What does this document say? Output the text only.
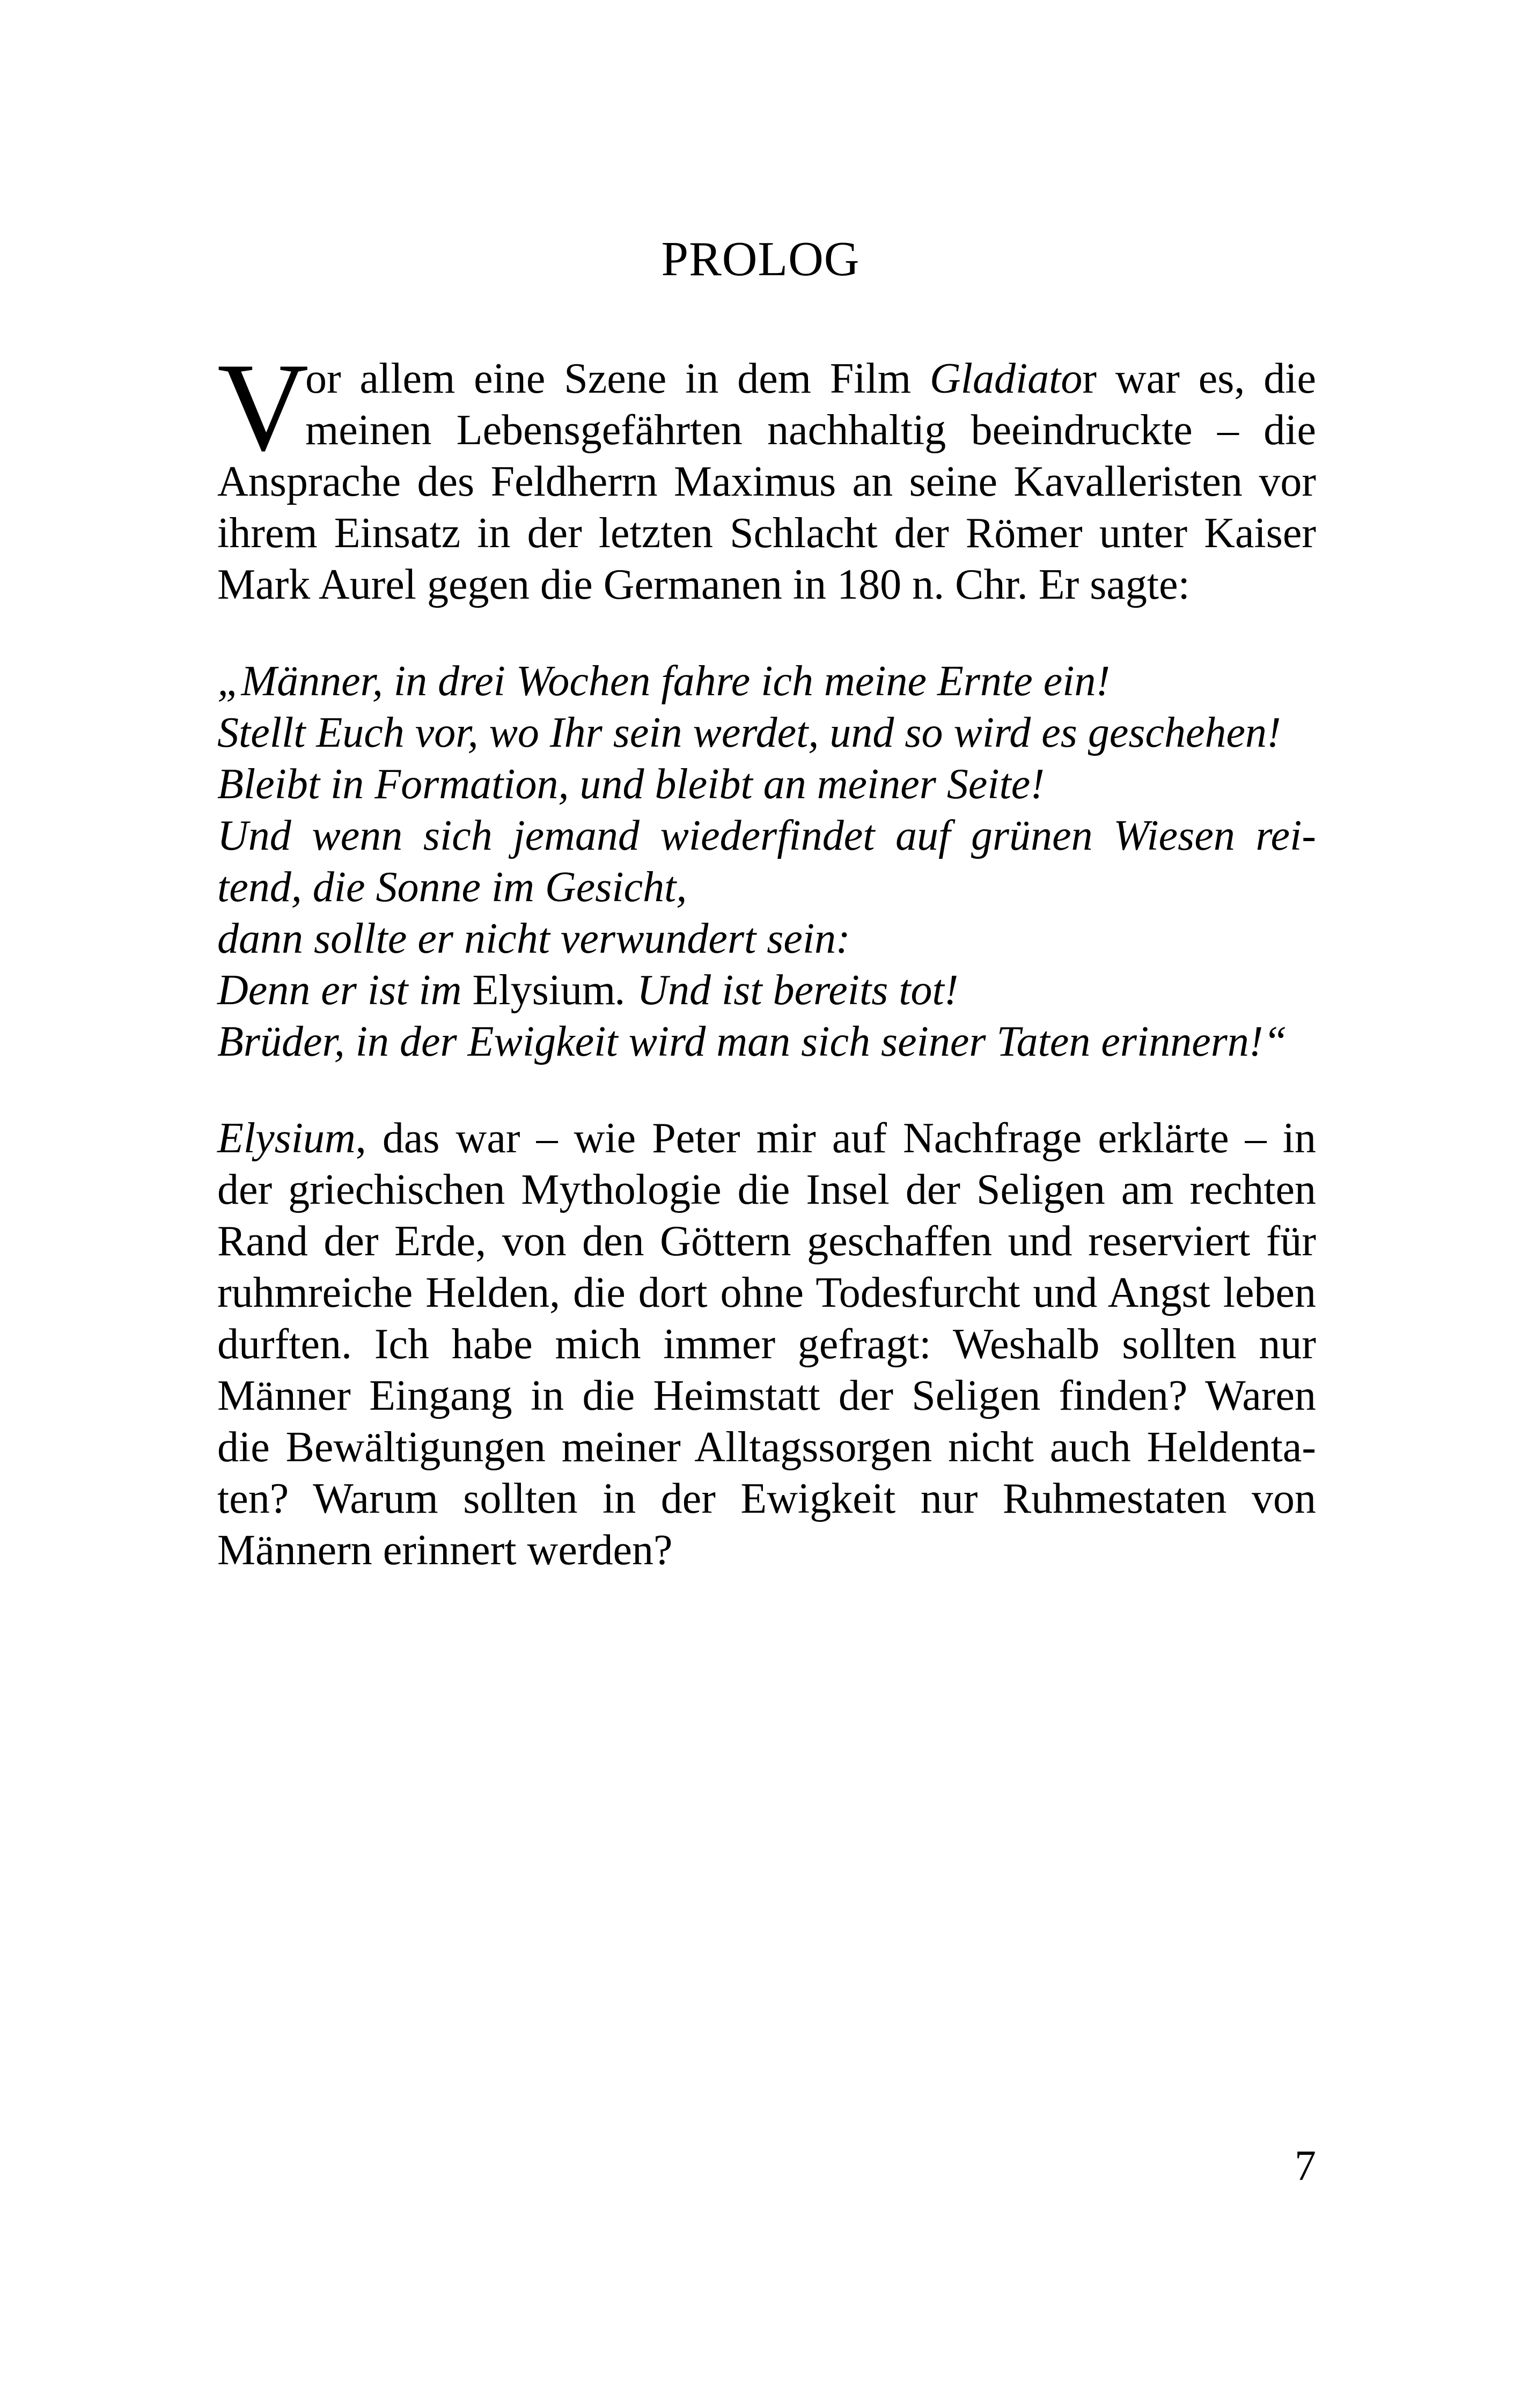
PROLOG
V
or allem eine Szene in dem Film Gladiator war es, die
meinen Lebensgefährten nachhaltig beeindruckte – die
Ansprache des Feldherrn Maximus an seine Kavalleristen vor
ihrem Einsatz in der letzten Schlacht der Römer unter Kaiser
Mark Aurel gegen die Germanen in 180 n. Chr. Er sagte:
„Männer, in drei Wochen fahre ich meine Ernte ein!
Stellt Euch vor, wo Ihr sein werdet, und so wird es geschehen!
Bleibt in Formation, und bleibt an meiner Seite!
Und wenn sich jemand wiederfindet auf grünen Wiesen rei-
tend, die Sonne im Gesicht,
dann sollte er nicht verwundert sein:
Denn er ist im Elysium. Und ist bereits tot!
Brüder, in der Ewigkeit wird man sich seiner Taten erinnern!“
Elysium, das war – wie Peter mir auf Nachfrage erklärte – in
der griechischen Mythologie die Insel der Seligen am rechten
Rand der Erde, von den Göttern geschaffen und reserviert für
ruhmreiche Helden, die dort ohne Todesfurcht und Angst leben
durften. Ich habe mich immer gefragt: Weshalb sollten nur
Männer Eingang in die Heimstatt der Seligen finden? Waren
die Bewältigungen meiner Alltagssorgen nicht auch Heldenta-
ten? Warum sollten in der Ewigkeit nur Ruhmestaten von
Männern erinnert werden?
7
